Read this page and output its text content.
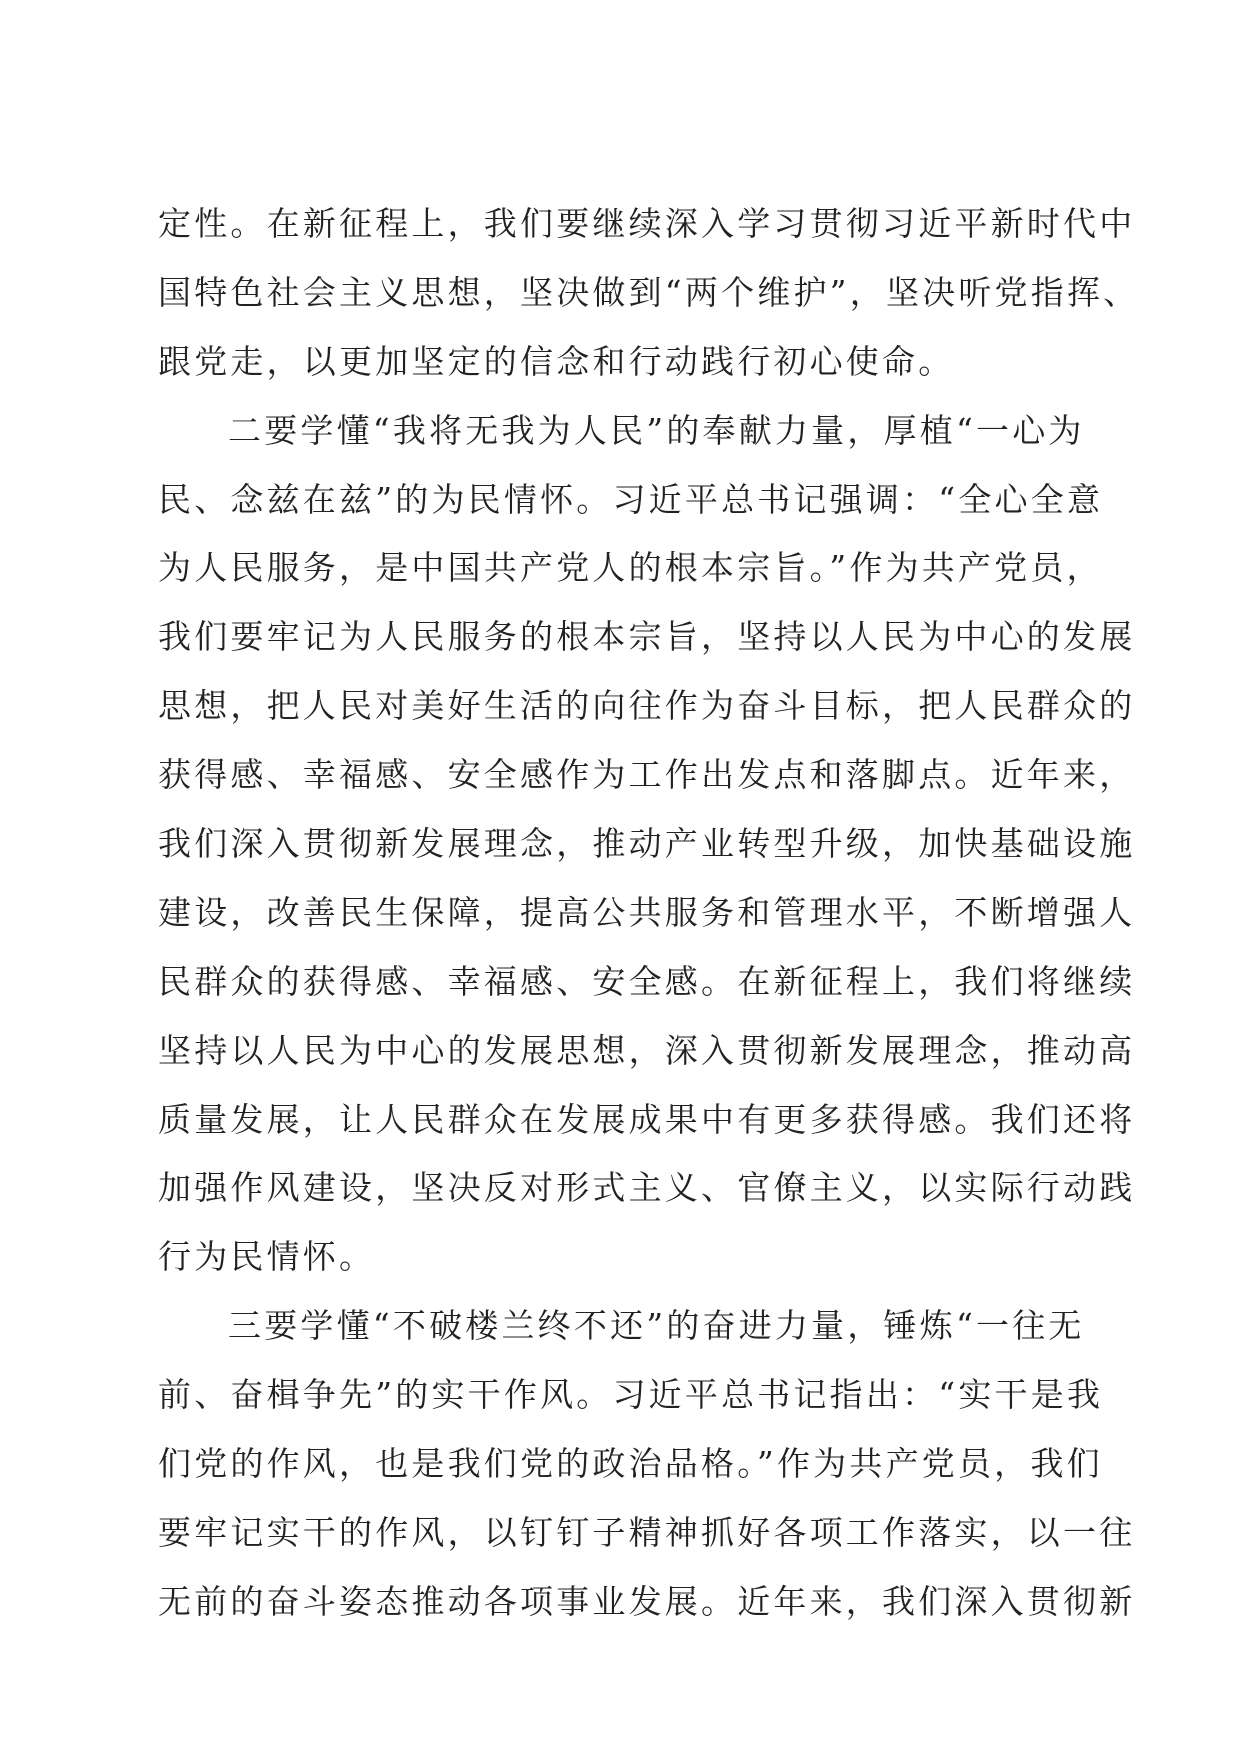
定性。在新征程上，我们要继续深入学习贯彻习近平新时代中
国特色社会主义思想，坚决做到“两个维护”，坚决听党指挥、
跟党走，以更加坚定的信念和行动践行初心使命。
二要学懂“我将无我为人民”的奉献力量，厚植“一心为
民、念兹在兹”的为民情怀。习近平总书记强调：“全心全意
为人民服务，是中国共产党人的根本宗旨。”作为共产党员，
我们要牢记为人民服务的根本宗旨，坚持以人民为中心的发展
思想，把人民对美好生活的向往作为奋斗目标，把人民群众的
获得感、幸福感、安全感作为工作出发点和落脚点。近年来，
我们深入贯彻新发展理念，推动产业转型升级，加快基础设施
建设，改善民生保障，提高公共服务和管理水平，不断增强人
民群众的获得感、幸福感、安全感。在新征程上，我们将继续
坚持以人民为中心的发展思想，深入贯彻新发展理念，推动高
质量发展，让人民群众在发展成果中有更多获得感。我们还将
加强作风建设，坚决反对形式主义、官僚主义，以实际行动践
行为民情怀。
三要学懂“不破楼兰终不还”的奋进力量，锤炼“一往无
前、奋楫争先”的实干作风。习近平总书记指出：“实干是我
们党的作风，也是我们党的政治品格。”作为共产党员，我们
要牢记实干的作风，以钉钉子精神抓好各项工作落实，以一往
无前的奋斗姿态推动各项事业发展。近年来，我们深入贯彻新
